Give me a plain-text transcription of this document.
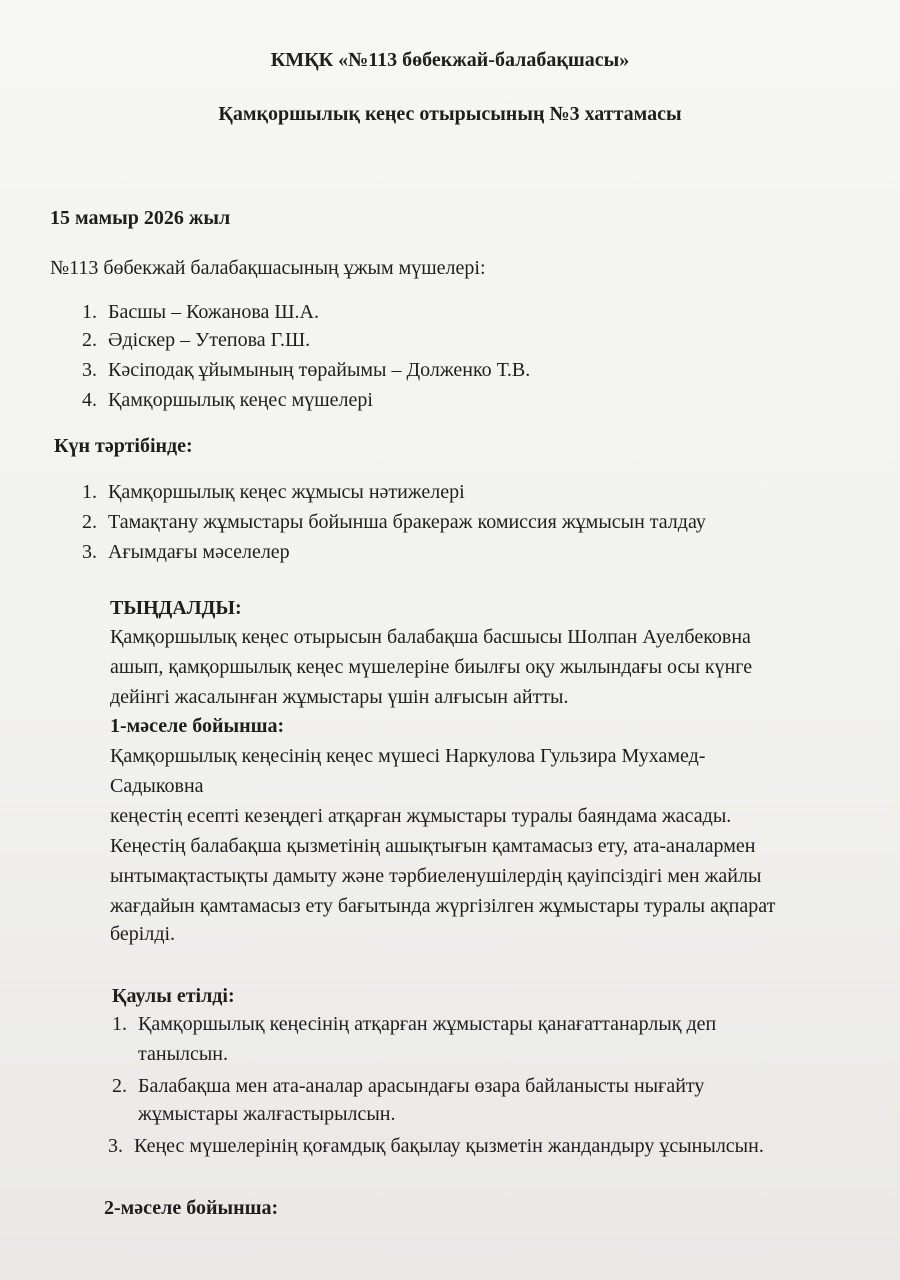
КМҚК «№113 бөбекжай-балабақшасы»
Қамқоршылық кеңес отырысының №3 хаттамасы
15 мамыр 2026 жыл
№113 бөбекжай балабақшасының ұжым мүшелері:
1. Басшы – Кожанова Ш.А.
2. Әдіскер – Утепова Г.Ш.
3. Кәсіподақ ұйымының төрайымы – Долженко Т.В.
4. Қамқоршылық кеңес мүшелері
Күн тәртібінде:
1. Қамқоршылық кеңес жұмысы нәтижелері
2. Тамақтану жұмыстары бойынша бракераж комиссия жұмысын талдау
3. Ағымдағы мәселелер
ТЫҢДАЛДЫ:
Қамқоршылық кеңес отырысын балабақша басшысы Шолпан Ауелбековна
ашып, қамқоршылық кеңес мүшелеріне биылғы оқу жылындағы осы күнге
дейінгі жасалынған жұмыстары үшін алғысын айтты.
1-мәселе бойынша:
Қамқоршылық кеңесінің кеңес мүшесі Наркулова Гульзира Мухамед-
Садыковна
кеңестің есепті кезеңдегі атқарған жұмыстары туралы баяндама жасады.
Кеңестің балабақша қызметінің ашықтығын қамтамасыз ету, ата-аналармен
ынтымақтастықты дамыту және тәрбиеленушілердің қауіпсіздігі мен жайлы
жағдайын қамтамасыз ету бағытында жүргізілген жұмыстары туралы ақпарат
берілді.
Қаулы етілді:
1. Қамқоршылық кеңесінің атқарған жұмыстары қанағаттанарлық деп
танылсын.
2. Балабақша мен ата-аналар арасындағы өзара байланысты нығайту
жұмыстары жалғастырылсын.
3. Кеңес мүшелерінің қоғамдық бақылау қызметін жандандыру ұсынылсын.
2-мәселе бойынша:
